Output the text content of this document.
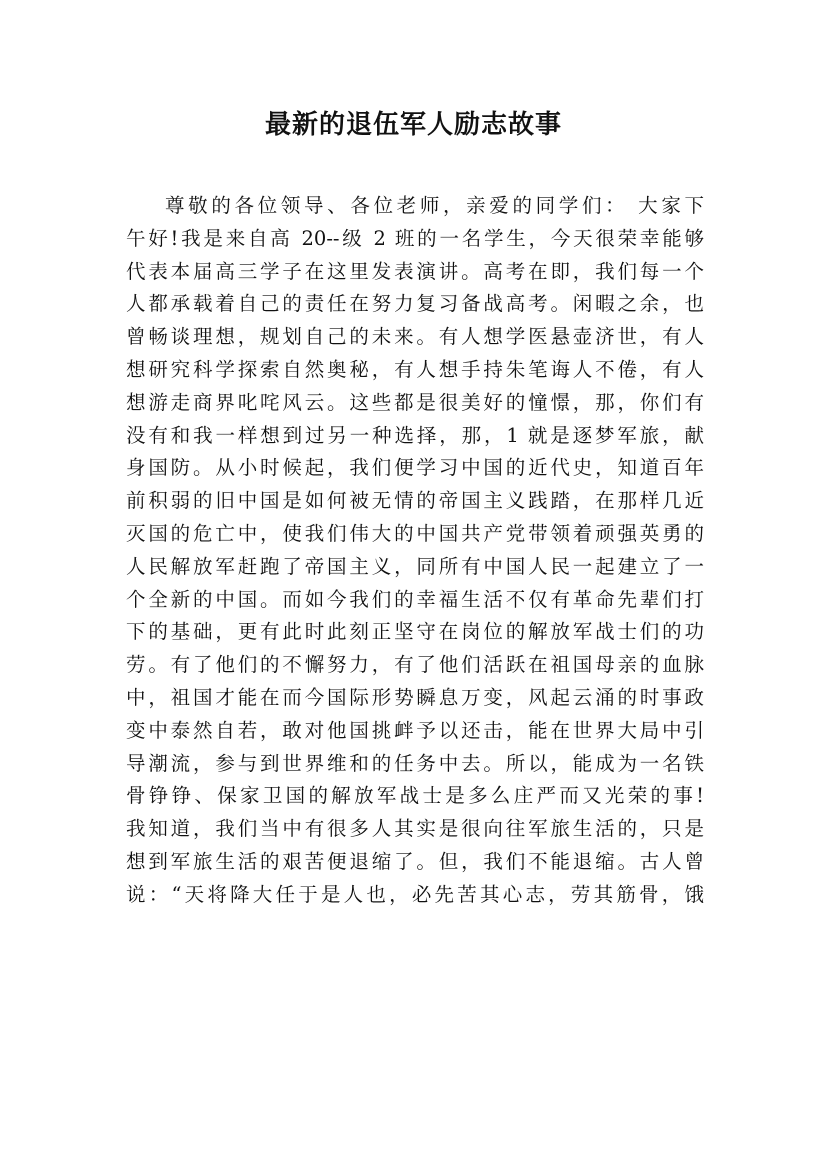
最新的退伍军人励志故事
尊敬的各位领导、各位老师，亲爱的同学们： 大家下
午好!我是来自高 20--级 2 班的一名学生，今天很荣幸能够
代表本届高三学子在这里发表演讲。高考在即，我们每一个
人都承载着自己的责任在努力复习备战高考。闲暇之余，也
曾畅谈理想，规划自己的未来。有人想学医悬壶济世，有人
想研究科学探索自然奥秘，有人想手持朱笔诲人不倦，有人
想游走商界叱咤风云。这些都是很美好的憧憬，那，你们有
没有和我一样想到过另一种选择，那，1 就是逐梦军旅，献
身国防。从小时候起，我们便学习中国的近代史，知道百年
前积弱的旧中国是如何被无情的帝国主义践踏，在那样几近
灭国的危亡中，使我们伟大的中国共产党带领着顽强英勇的
人民解放军赶跑了帝国主义，同所有中国人民一起建立了一
个全新的中国。而如今我们的幸福生活不仅有革命先辈们打
下的基础，更有此时此刻正坚守在岗位的解放军战士们的功
劳。有了他们的不懈努力，有了他们活跃在祖国母亲的血脉
中，祖国才能在而今国际形势瞬息万变，风起云涌的时事政
变中泰然自若，敢对他国挑衅予以还击，能在世界大局中引
导潮流，参与到世界维和的任务中去。所以，能成为一名铁
骨铮铮、保家卫国的解放军战士是多么庄严而又光荣的事!
我知道，我们当中有很多人其实是很向往军旅生活的，只是
想到军旅生活的艰苦便退缩了。但，我们不能退缩。古人曾
说：“天将降大任于是人也，必先苦其心志，劳其筋骨，饿
